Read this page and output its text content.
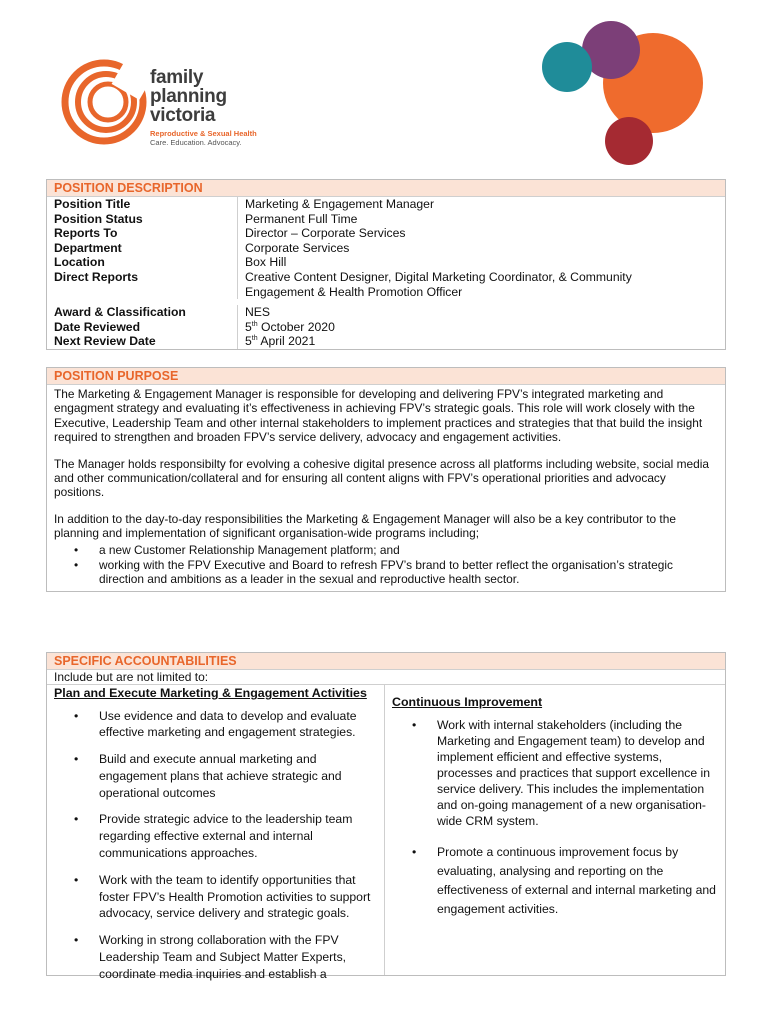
family
planning
victoria
Reproductive & Sexual Health
Care. Education. Advocacy.
POSITION DESCRIPTION
Position Title	Marketing & Engagement Manager
Position Status	Permanent Full Time
Reports To	Director – Corporate Services
Department	Corporate Services
Location	Box Hill
Direct Reports	Creative Content Designer, Digital Marketing Coordinator, & Community Engagement & Health Promotion Officer
Award & Classification	NES
Date Reviewed	5th October 2020
Next Review Date	5th April 2021
POSITION PURPOSE

The Marketing & Engagement Manager is responsible for developing and delivering FPV’s integrated marketing and engagment strategy and evaluating it’s effectiveness in achieving FPV’s strategic goals. This role will work closely with the Executive, Leadership Team and other internal stakeholders to implement practices and strategies that that build the insight required to strengthen and broaden FPV’s service delivery, advocacy and engagement activities.

The Manager holds responsibilty for evolving a cohesive digital presence across all platforms including website, social media and other communication/collateral and for ensuring all content aligns with FPV’s operational priorities and advocacy positions.

In addition to the day-to-day responsibilities the Marketing & Engagement Manager will also be a key contributor to the planning and implementation of significant organisation-wide programs including;

• a new Customer Relationship Management platform; and
• working with the FPV Executive and Board to refresh FPV’s brand to better reflect the organisation’s strategic direction and ambitions as a leader in the sexual and reproductive health sector.
SPECIFIC ACCOUNTABILITIES
Include but are not limited to:
Plan and Execute Marketing & Engagement Activities
• Use evidence and data to develop and evaluate effective marketing and engagement strategies.
• Build and execute annual marketing and engagement plans that achieve strategic and operational outcomes
• Provide strategic advice to the leadership team regarding effective external and internal communications approaches.
• Work with the team to identify opportunities that foster FPV’s Health Promotion activities to support advocacy, service delivery and strategic goals.
• Working in strong collaboration with the FPV Leadership Team and Subject Matter Experts, coordinate media inquiries and establish a
Continuous Improvement
• Work with internal stakeholders (including the Marketing and Engagement team) to develop and implement efficient and effective systems, processes and practices that support excellence in service delivery. This includes the implementation and on-going management of a new organisation-wide CRM system.
• Promote a continuous improvement focus by evaluating, analysing and reporting on the effectiveness of external and internal marketing and engagement activities.
